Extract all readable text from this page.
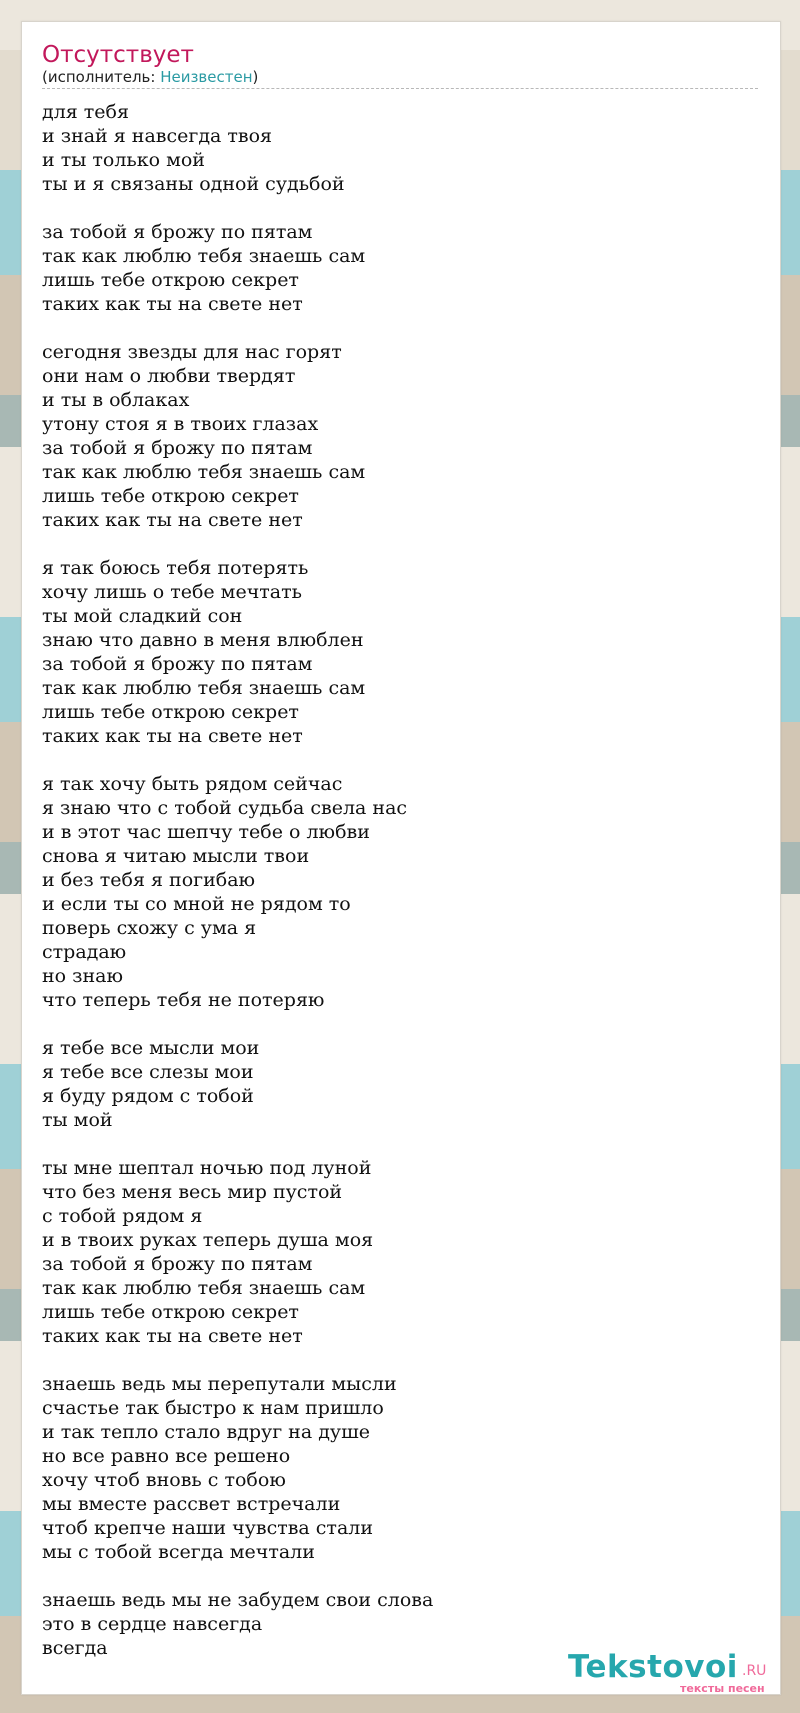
Отсутствует
(исполнитель: Неизвестен)
для тебя
и знай я навсегда твоя
и ты только мой
ты и я связаны одной судьбой
за тобой я брожу по пятам
так как люблю тебя знаешь сам
лишь тебе открою секрет
таких как ты на свете нет
сегодня звезды для нас горят
они нам о любви твердят
и ты в облаках
утону стоя я в твоих глазах
за тобой я брожу по пятам
так как люблю тебя знаешь сам
лишь тебе открою секрет
таких как ты на свете нет
я так боюсь тебя потерять
хочу лишь о тебе мечтать
ты мой сладкий сон
знаю что давно в меня влюблен
за тобой я брожу по пятам
так как люблю тебя знаешь сам
лишь тебе открою секрет
таких как ты на свете нет
я так хочу быть рядом сейчас
я знаю что с тобой судьба свела нас
и в этот час шепчу тебе о любви
снова я читаю мысли твои
и без тебя я погибаю
и если ты со мной не рядом то
поверь схожу с ума я
страдаю
но знаю
что теперь тебя не потеряю
я тебе все мысли мои
я тебе все слезы мои
я буду рядом с тобой
ты мой
ты мне шептал ночью под луной
что без меня весь мир пустой
с тобой рядом я
и в твоих руках теперь душа моя
за тобой я брожу по пятам
так как люблю тебя знаешь сам
лишь тебе открою секрет
таких как ты на свете нет
знаешь ведь мы перепутали мысли
счастье так быстро к нам пришло
и так тепло стало вдруг на душе
но все равно все решено
хочу чтоб вновь с тобою
мы вместе рассвет встречали
чтоб крепче наши чувства стали
мы с тобой всегда мечтали
знаешь ведь мы не забудем свои слова
это в сердце навсегда
всегда
Tekstovoi .RU
тексты песен
